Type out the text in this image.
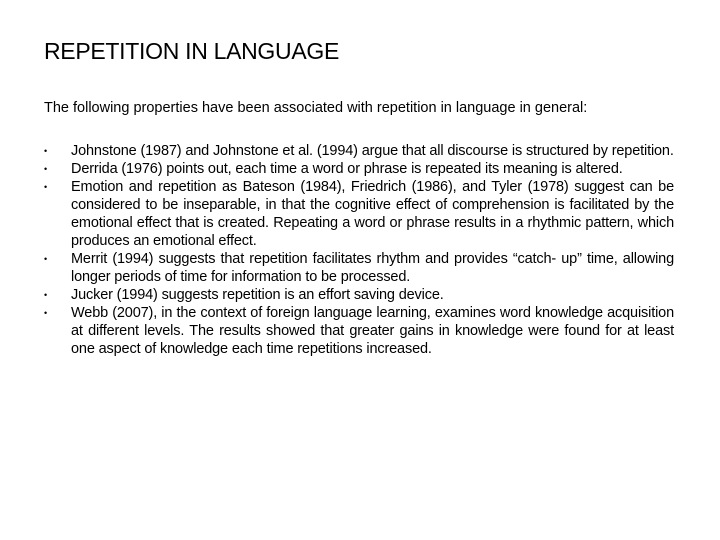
REPETITION IN LANGUAGE

The following properties have been associated with repetition in language in general:

•	Johnstone (1987) and Johnstone et al. (1994) argue that all discourse is structured by repetition.
•	Derrida (1976) points out, each time a word or phrase is repeated its meaning is altered.
•	Emotion and repetition as Bateson (1984), Friedrich (1986), and Tyler (1978) suggest can be considered to be inseparable, in that the cognitive effect of comprehension is facilitated by the emotional effect that is created. Repeating a word or phrase results in a rhythmic pattern, which produces an emotional effect.
•	Merrit (1994) suggests that repetition facilitates rhythm and provides “catch- up” time, allowing longer periods of time for information to be processed.
•	Jucker (1994) suggests repetition is an effort saving device.
•	Webb (2007), in the context of foreign language learning, examines word knowledge acquisition at different levels. The results showed that greater gains in knowledge were found for at least one aspect of knowledge each time repetitions increased.
